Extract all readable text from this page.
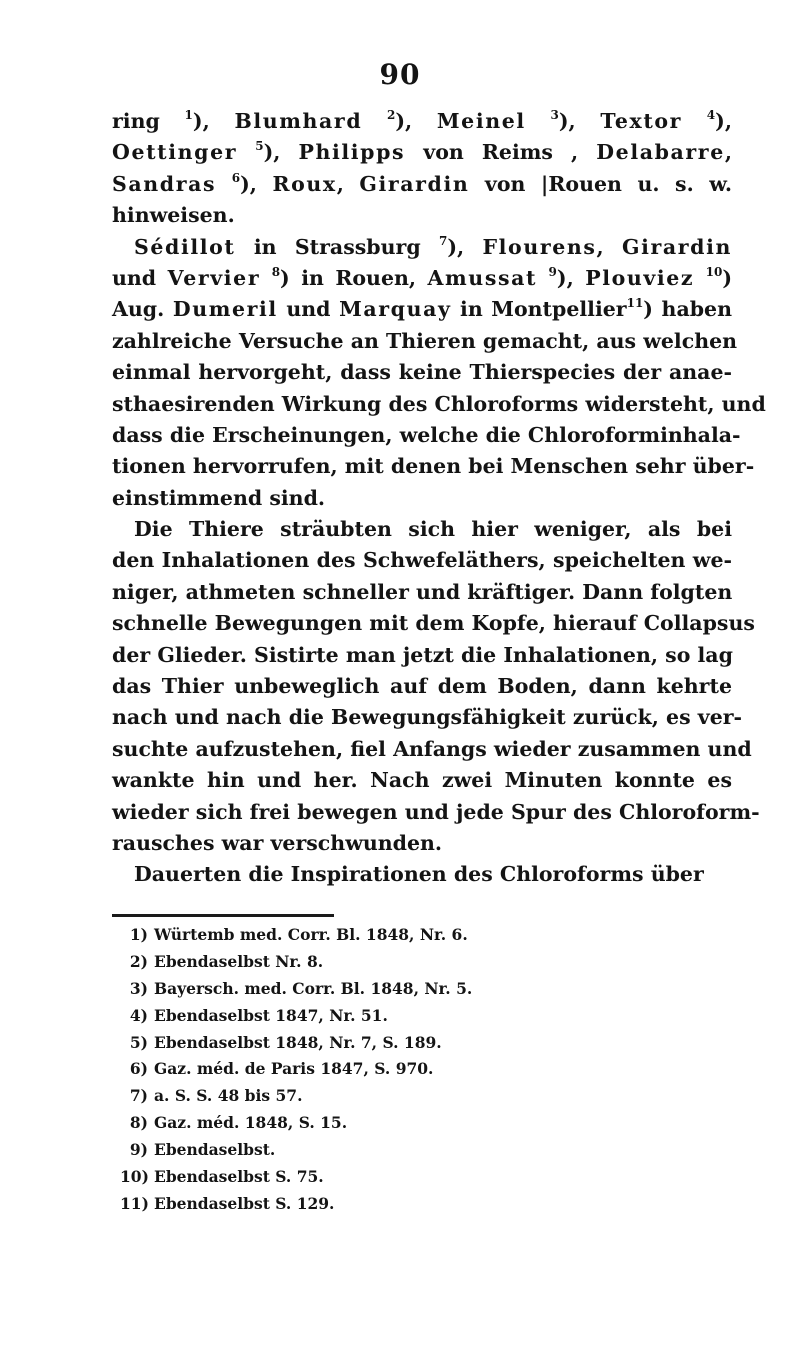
90
ring $^1$), Blumhard $^2$), Meinel $^3$), Textor $^4$),
Oettinger $^5$), Philipps von Reims , Delabarre,
Sandras $^6$), Roux, Girardin von |Rouen u. s. w.
hinweisen.
Sédillot in Strassburg $^7$), Flourens, Girardin
und Vervier $^8$) in Rouen, Amussat $^9$), Plouviez $^{10}$)
Aug. Dumeril und Marquay in Montpellier$^{11}$) haben
zahlreiche Versuche an Thieren gemacht, aus welchen
einmal hervorgeht, dass keine Thierspecies der anae-
sthaesirenden Wirkung des Chloroforms widersteht, und
dass die Erscheinungen, welche die Chloroforminhala-
tionen hervorrufen, mit denen bei Menschen sehr über-
einstimmend sind.
Die Thiere sträubten sich hier weniger, als bei
den Inhalationen des Schwefeläthers, speichelten we-
niger, athmeten schneller und kräftiger. Dann folgten
schnelle Bewegungen mit dem Kopfe, hierauf Collapsus
der Glieder. Sistirte man jetzt die Inhalationen, so lag
das Thier unbeweglich auf dem Boden, dann kehrte
nach und nach die Bewegungsfähigkeit zurück, es ver-
suchte aufzustehen, fiel Anfangs wieder zusammen und
wankte hin und her. Nach zwei Minuten konnte es
wieder sich frei bewegen und jede Spur des Chloroform-
rausches war verschwunden.
Dauerten die Inspirationen des Chloroforms über
1) Würtemb med. Corr. Bl. 1848, Nr. 6.
2) Ebendaselbst Nr. 8.
3) Bayersch. med. Corr. Bl. 1848, Nr. 5.
4) Ebendaselbst 1847, Nr. 51.
5) Ebendaselbst 1848, Nr. 7, S. 189.
6) Gaz. méd. de Paris 1847, S. 970.
7) a. S. S. 48 bis 57.
8) Gaz. méd. 1848, S. 15.
9) Ebendaselbst.
10) Ebendaselbst S. 75.
11) Ebendaselbst S. 129.
